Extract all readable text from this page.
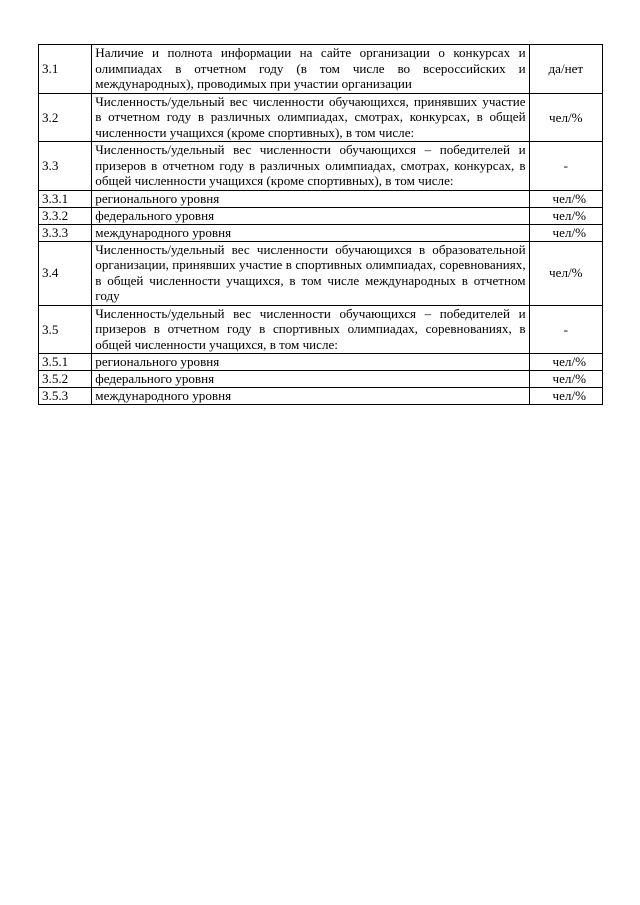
3.1	Наличие и полнота информации на сайте организации о конкурсах и олимпиадах в отчетном году (в том числе во всероссийских и международных), проводимых при участии организации	да/нет
3.2	Численность/удельный вес численности обучающихся, принявших участие в отчетном году в различных олимпиадах, смотрах, конкурсах, в общей численности учащихся (кроме спортивных), в том числе:	чел/%
3.3	Численность/удельный вес численности обучающихся – победителей и призеров в отчетном году в различных олимпиадах, смотрах, конкурсах, в общей численности учащихся (кроме спортивных), в том числе:	-
3.3.1	регионального уровня	чел/%
3.3.2	федерального уровня	чел/%
3.3.3	международного уровня	чел/%
3.4	Численность/удельный вес численности обучающихся в образовательной организации, принявших участие в спортивных олимпиадах, соревнованиях, в общей численности учащихся, в том числе международных в отчетном году	чел/%
3.5	Численность/удельный вес численности обучающихся – победителей и призеров в отчетном году в спортивных олимпиадах, соревнованиях, в общей численности учащихся, в том числе:	-
3.5.1	регионального уровня	чел/%
3.5.2	федерального уровня	чел/%
3.5.3	международного уровня	чел/%
